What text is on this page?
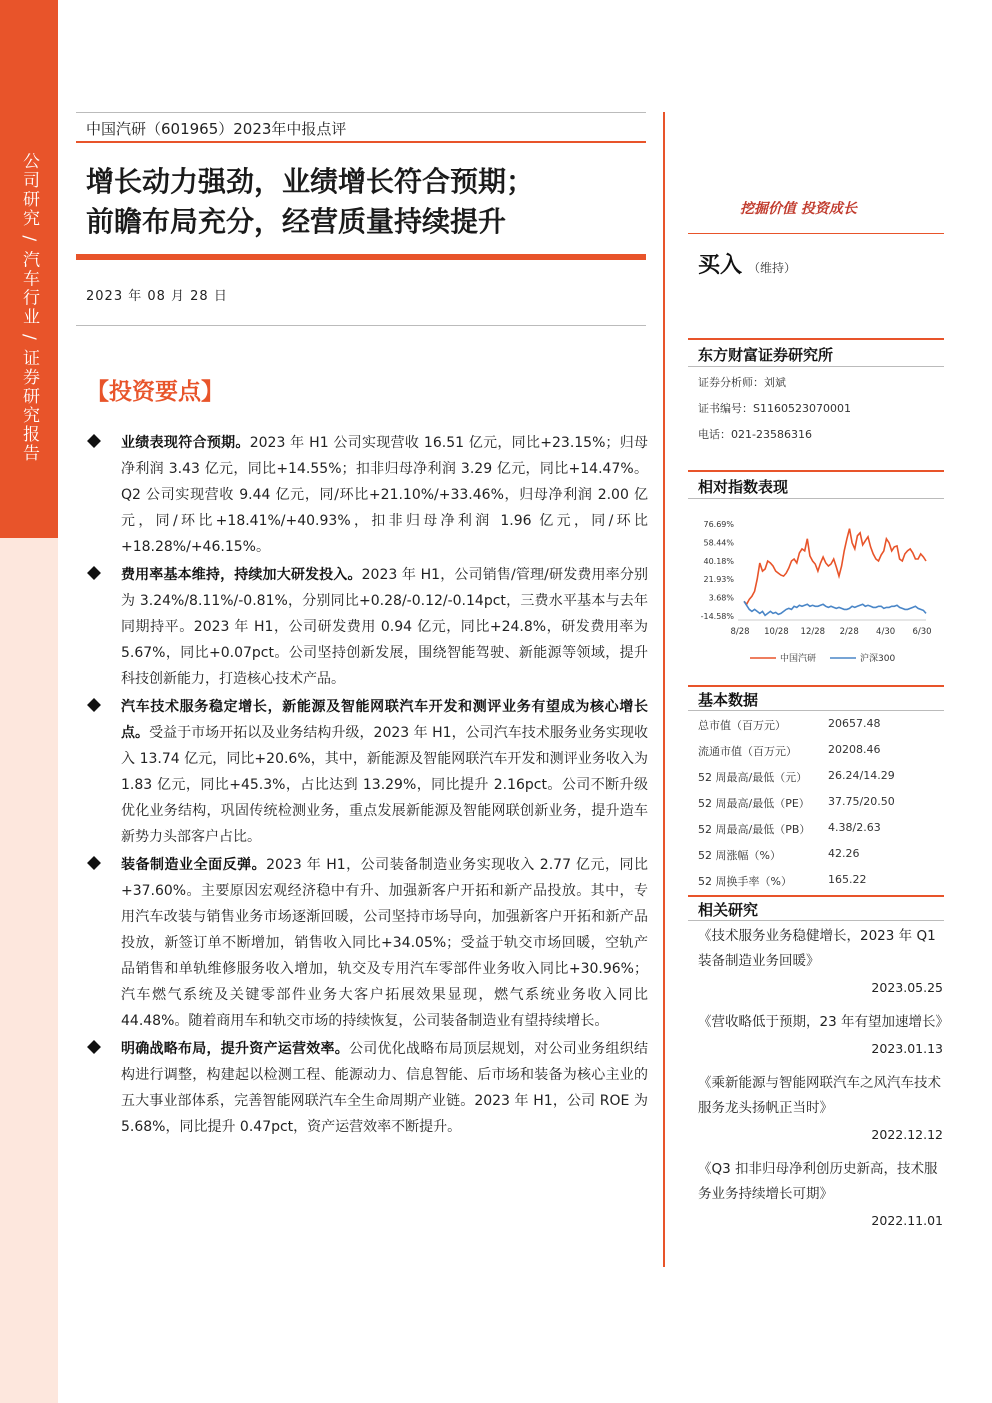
公司研究 / 汽车行业 / 证券研究报告
中国汽研（601965）2023年中报点评
增长动力强劲，业绩增长符合预期；
前瞻布局充分，经营质量持续提升
2023 年 08 月 28 日
【投资要点】

业绩表现符合预期。2023 年 H1 公司实现营收 16.51 亿元，同比+23.15%；归母净利润 3.43 亿元，同比+14.55%；扣非归母净利润 3.29 亿元，同比+14.47%。Q2 公司实现营收 9.44 亿元，同/环比+21.10%/+33.46%，归母净利润 2.00 亿元，同/环比+18.41%/+40.93%，扣非归母净利润 1.96 亿元，同/环比+18.28%/+46.15%。

费用率基本维持，持续加大研发投入。2023 年 H1，公司销售/管理/研发费用率分别为 3.24%/8.11%/-0.81%，分别同比+0.28/-0.12/-0.14pct，三费水平基本与去年同期持平。2023 年 H1，公司研发费用 0.94 亿元，同比+24.8%，研发费用率为 5.67%，同比+0.07pct。公司坚持创新发展，围绕智能驾驶、新能源等领域，提升科技创新能力，打造核心技术产品。

汽车技术服务稳定增长，新能源及智能网联汽车开发和测评业务有望成为核心增长点。受益于市场开拓以及业务结构升级，2023 年 H1，公司汽车技术服务业务实现收入 13.74 亿元，同比+20.6%，其中，新能源及智能网联汽车开发和测评业务收入为 1.83 亿元，同比+45.3%，占比达到 13.29%，同比提升 2.16pct。公司不断升级优化业务结构，巩固传统检测业务，重点发展新能源及智能网联创新业务，提升造车新势力头部客户占比。

装备制造业全面反弹。2023 年 H1，公司装备制造业务实现收入 2.77 亿元，同比+37.60%。主要原因宏观经济稳中有升、加强新客户开拓和新产品投放。其中，专用汽车改装与销售业务市场逐渐回暖，公司坚持市场导向，加强新客户开拓和新产品投放，新签订单不断增加，销售收入同比+34.05%；受益于轨交市场回暖，空轨产品销售和单轨维修服务收入增加，轨交及专用汽车零部件业务收入同比+30.96%；汽车燃气系统及关键零部件业务大客户拓展效果显现，燃气系统业务收入同比 44.48%。随着商用车和轨交市场的持续恢复，公司装备制造业有望持续增长。

明确战略布局，提升资产运营效率。公司优化战略布局顶层规划，对公司业务组织结构进行调整，构建起以检测工程、能源动力、信息智能、后市场和装备为核心主业的五大事业部体系，完善智能网联汽车全生命周期产业链。2023 年 H1，公司 ROE 为 5.68%，同比提升 0.47pct，资产运营效率不断提升。

挖掘价值 投资成长
买入 （维持）
东方财富证券研究所
证券分析师：刘斌
证书编号：S1160523070001
电话：021-23586316
相对指数表现
76.69%
58.44%
40.18%
21.93%
3.68%
-14.58%
8/28 10/28 12/28 2/28 4/30 6/30
中国汽研	沪深300
基本数据
总市值（百万元）	20657.48
流通市值（百万元）	20208.46
52 周最高/最低（元） 26.24/14.29
52 周最高/最低（PE） 37.75/20.50
52 周最高/最低（PB） 4.38/2.63
52 周涨幅（%）	42.26
52 周换手率（%）	165.22
相关研究
《技术服务业务稳健增长，2023 年 Q1 装备制造业务回暖》
2023.05.25
《营收略低于预期，23 年有望加速增长》
2023.01.13
《乘新能源与智能网联汽车之风汽车技术服务龙头扬帆正当时》
2022.12.12
《Q3 扣非归母净利创历史新高，技术服务业务持续增长可期》
2022.11.01
